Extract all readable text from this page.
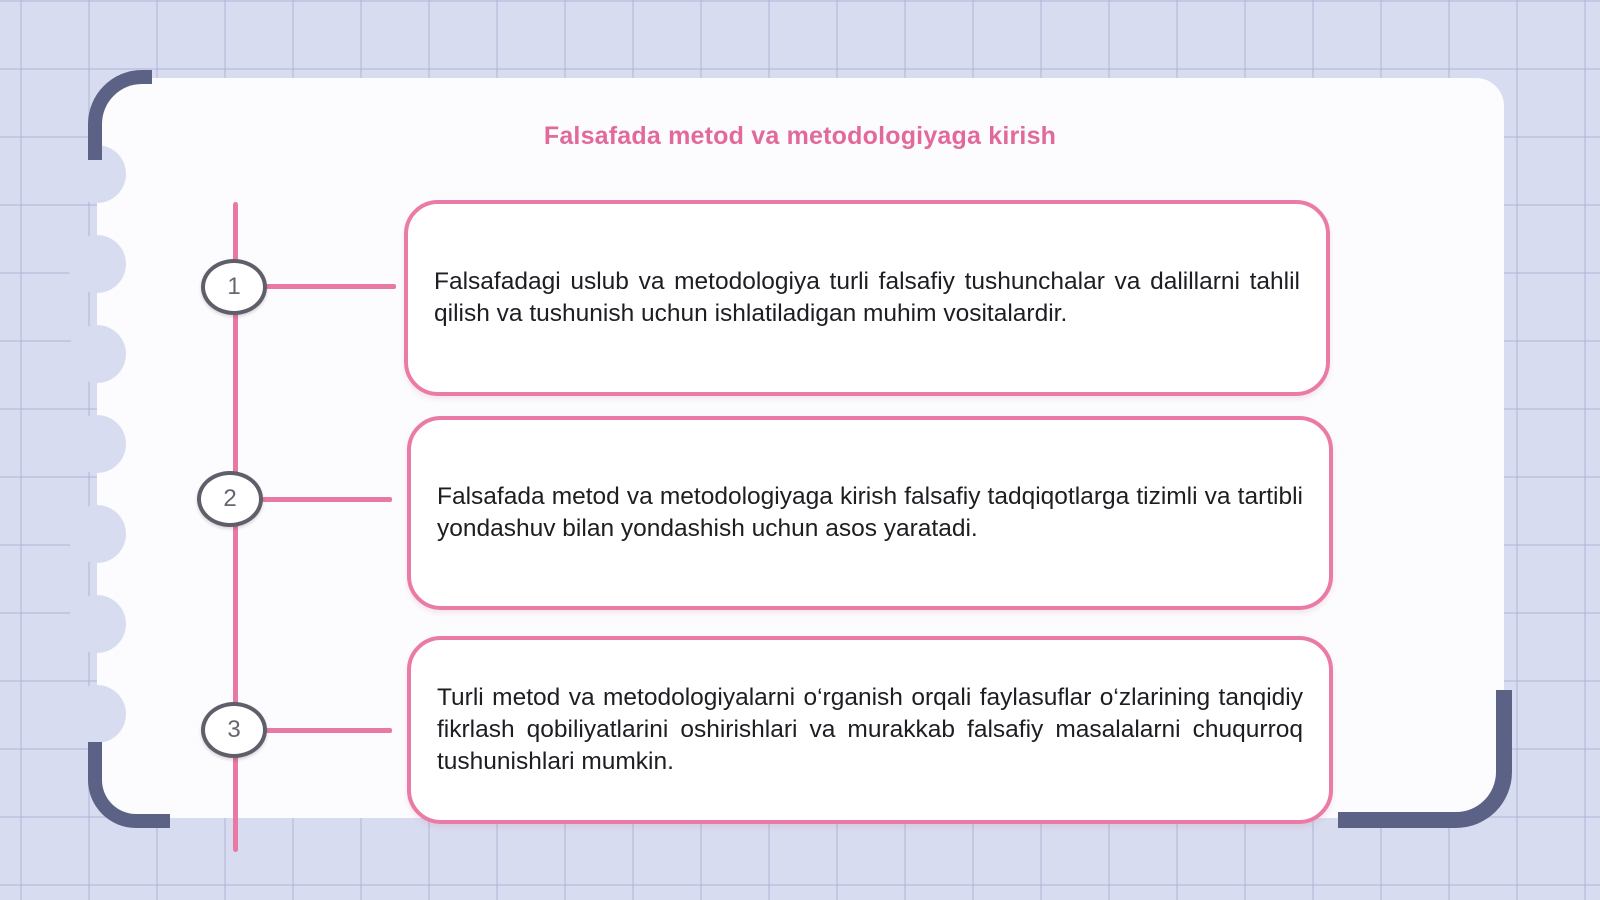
Falsafada metod va metodologiyaga kirish
1
2
3
Falsafadagi uslub va metodologiya turli falsafiy tushunchalar va dalillarni tahlil qilish va tushunish uchun ishlatiladigan muhim vositalardir.
Falsafada metod va metodologiyaga kirish falsafiy tadqiqotlarga tizimli va tartibli yondashuv bilan yondashish uchun asos yaratadi.
Turli metod va metodologiyalarni o‘rganish orqali faylasuflar o‘zlarining tanqidiy fikrlash qobiliyatlarini oshirishlari va murakkab falsafiy masalalarni chuqurroq tushunishlari mumkin.
